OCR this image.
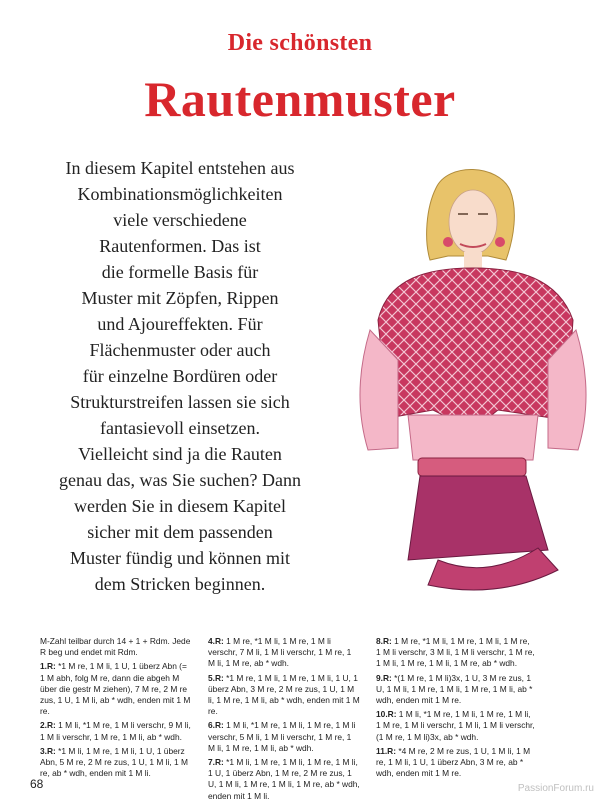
Die schönsten
Rautenmuster
In diesem Kapitel entstehen aus
Kombinationsmöglichkeiten
viele verschiedene
Rautenformen. Das ist
die formelle Basis für
Muster mit Zöpfen, Rippen
und Ajoureffekten. Für
Flächenmuster oder auch
für einzelne Bordüren oder
Strukturstreifen lassen sie sich
fantasievoll einsetzen.
Vielleicht sind ja die Rauten
genau das, was Sie suchen? Dann
werden Sie in diesem Kapitel
sicher mit dem passenden
Muster fündig und können mit
dem Stricken beginnen.

M-Zahl teilbar durch 14 + 1 + Rdm. Jede R beg und endet mit Rdm.

1.R: *1 M re, 1 M li, 1 U, 1 überz Abn (= 1 M abh, folg M re, dann die abgeh M über die gestr M ziehen), 7 M re, 2 M re zus, 1 U, 1 M li, ab * wdh, enden mit 1 M re.

2.R: 1 M li, *1 M re, 1 M li verschr, 9 M li, 1 M li verschr, 1 M re, 1 M li, ab * wdh.

3.R: *1 M li, 1 M re, 1 M li, 1 U, 1 überz Abn, 5 M re, 2 M re zus, 1 U, 1 M li, 1 M re, ab * wdh, enden mit 1 M li.

4.R: 1 M re, *1 M li, 1 M re, 1 M li verschr, 7 M li, 1 M li verschr, 1 M re, 1 M li, 1 M re, ab * wdh.

5.R: *1 M re, 1 M li, 1 M re, 1 M li, 1 U, 1 überz Abn, 3 M re, 2 M re zus, 1 U, 1 M li, 1 M re, 1 M li, ab * wdh, enden mit 1 M re.

6.R: 1 M li, *1 M re, 1 M li, 1 M re, 1 M li verschr, 5 M li, 1 M li verschr, 1 M re, 1 M li, 1 M re, 1 M li, ab * wdh.

7.R: *1 M li, 1 M re, 1 M li, 1 M re, 1 M li, 1 U, 1 überz Abn, 1 M re, 2 M re zus, 1 U, 1 M li, 1 M re, 1 M li, 1 M re, ab * wdh, enden mit 1 M li.

8.R: 1 M re, *1 M li, 1 M re, 1 M li, 1 M re, 1 M li verschr, 3 M li, 1 M li verschr, 1 M re, 1 M li, 1 M re, 1 M li, 1 M re, ab * wdh.

9.R: *(1 M re, 1 M li)3x, 1 U, 3 M re zus, 1 U, 1 M li, 1 M re, 1 M li, 1 M re, 1 M li, ab * wdh, enden mit 1 M re.

10.R: 1 M li, *1 M re, 1 M li, 1 M re, 1 M li, 1 M re, 1 M li verschr, 1 M li, 1 M li verschr, (1 M re, 1 M li)3x, ab * wdh.

11.R: *4 M re, 2 M re zus, 1 U, 1 M li, 1 M re, 1 M li, 1 U, 1 überz Abn, 3 M re, ab * wdh, enden mit 1 M re.

68	PassionForum.ru
